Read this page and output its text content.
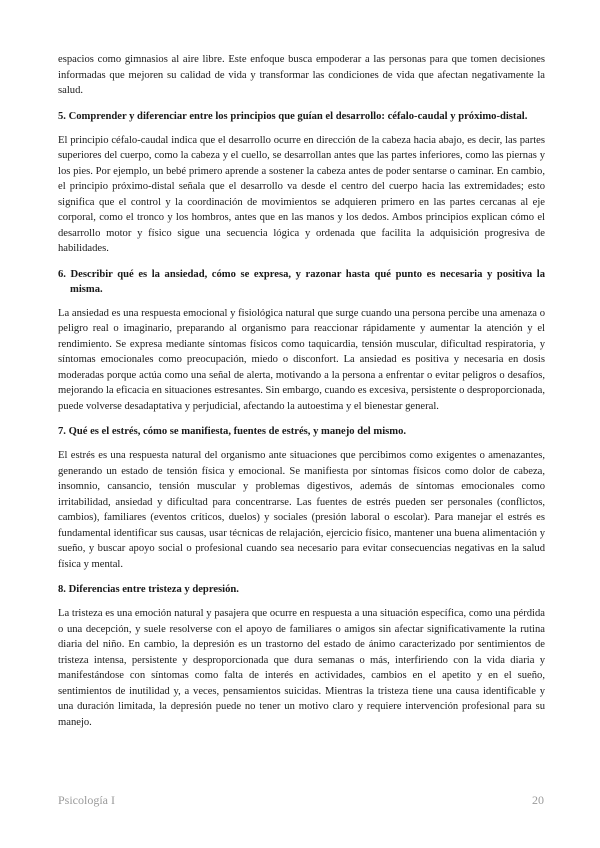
espacios como gimnasios al aire libre. Este enfoque busca empoderar a las personas para que tomen decisiones informadas que mejoren su calidad de vida y transformar las condiciones de vida que afectan negativamente la salud.

5. Comprender y diferenciar entre los principios que guían el desarrollo: céfalo-caudal y próximo-distal.

El principio céfalo-caudal indica que el desarrollo ocurre en dirección de la cabeza hacia abajo, es decir, las partes superiores del cuerpo, como la cabeza y el cuello, se desarrollan antes que las partes inferiores, como las piernas y los pies. Por ejemplo, un bebé primero aprende a sostener la cabeza antes de poder sentarse o caminar. En cambio, el principio próximo-distal señala que el desarrollo va desde el centro del cuerpo hacia las extremidades; esto significa que el control y la coordinación de movimientos se adquieren primero en las partes cercanas al eje corporal, como el tronco y los hombros, antes que en las manos y los dedos. Ambos principios explican cómo el desarrollo motor y físico sigue una secuencia lógica y ordenada que facilita la adquisición progresiva de habilidades.

6. Describir qué es la ansiedad, cómo se expresa, y razonar hasta qué punto es necesaria y positiva la misma.

La ansiedad es una respuesta emocional y fisiológica natural que surge cuando una persona percibe una amenaza o peligro real o imaginario, preparando al organismo para reaccionar rápidamente y aumentar la atención y el rendimiento. Se expresa mediante síntomas físicos como taquicardia, tensión muscular, dificultad respiratoria, y síntomas emocionales como preocupación, miedo o disconfort. La ansiedad es positiva y necesaria en dosis moderadas porque actúa como una señal de alerta, motivando a la persona a enfrentar o evitar peligros o desafíos, mejorando la eficacia en situaciones estresantes. Sin embargo, cuando es excesiva, persistente o desproporcionada, puede volverse desadaptativa y perjudicial, afectando la autoestima y el bienestar general.

7. Qué es el estrés, cómo se manifiesta, fuentes de estrés, y manejo del mismo.

El estrés es una respuesta natural del organismo ante situaciones que percibimos como exigentes o amenazantes, generando un estado de tensión física y emocional. Se manifiesta por síntomas físicos como dolor de cabeza, insomnio, cansancio, tensión muscular y problemas digestivos, además de síntomas emocionales como irritabilidad, ansiedad y dificultad para concentrarse. Las fuentes de estrés pueden ser personales (conflictos, cambios), familiares (eventos críticos, duelos) y sociales (presión laboral o escolar). Para manejar el estrés es fundamental identificar sus causas, usar técnicas de relajación, ejercicio físico, mantener una buena alimentación y sueño, y buscar apoyo social o profesional cuando sea necesario para evitar consecuencias negativas en la salud física y mental.

8. Diferencias entre tristeza y depresión.

La tristeza es una emoción natural y pasajera que ocurre en respuesta a una situación específica, como una pérdida o una decepción, y suele resolverse con el apoyo de familiares o amigos sin afectar significativamente la rutina diaria del niño. En cambio, la depresión es un trastorno del estado de ánimo caracterizado por sentimientos de tristeza intensa, persistente y desproporcionada que dura semanas o más, interfiriendo con la vida diaria y manifestándose con síntomas como falta de interés en actividades, cambios en el apetito y en el sueño, sentimientos de inutilidad y, a veces, pensamientos suicidas. Mientras la tristeza tiene una causa identificable y una duración limitada, la depresión puede no tener un motivo claro y requiere intervención profesional para su manejo.

Psicología I	20
